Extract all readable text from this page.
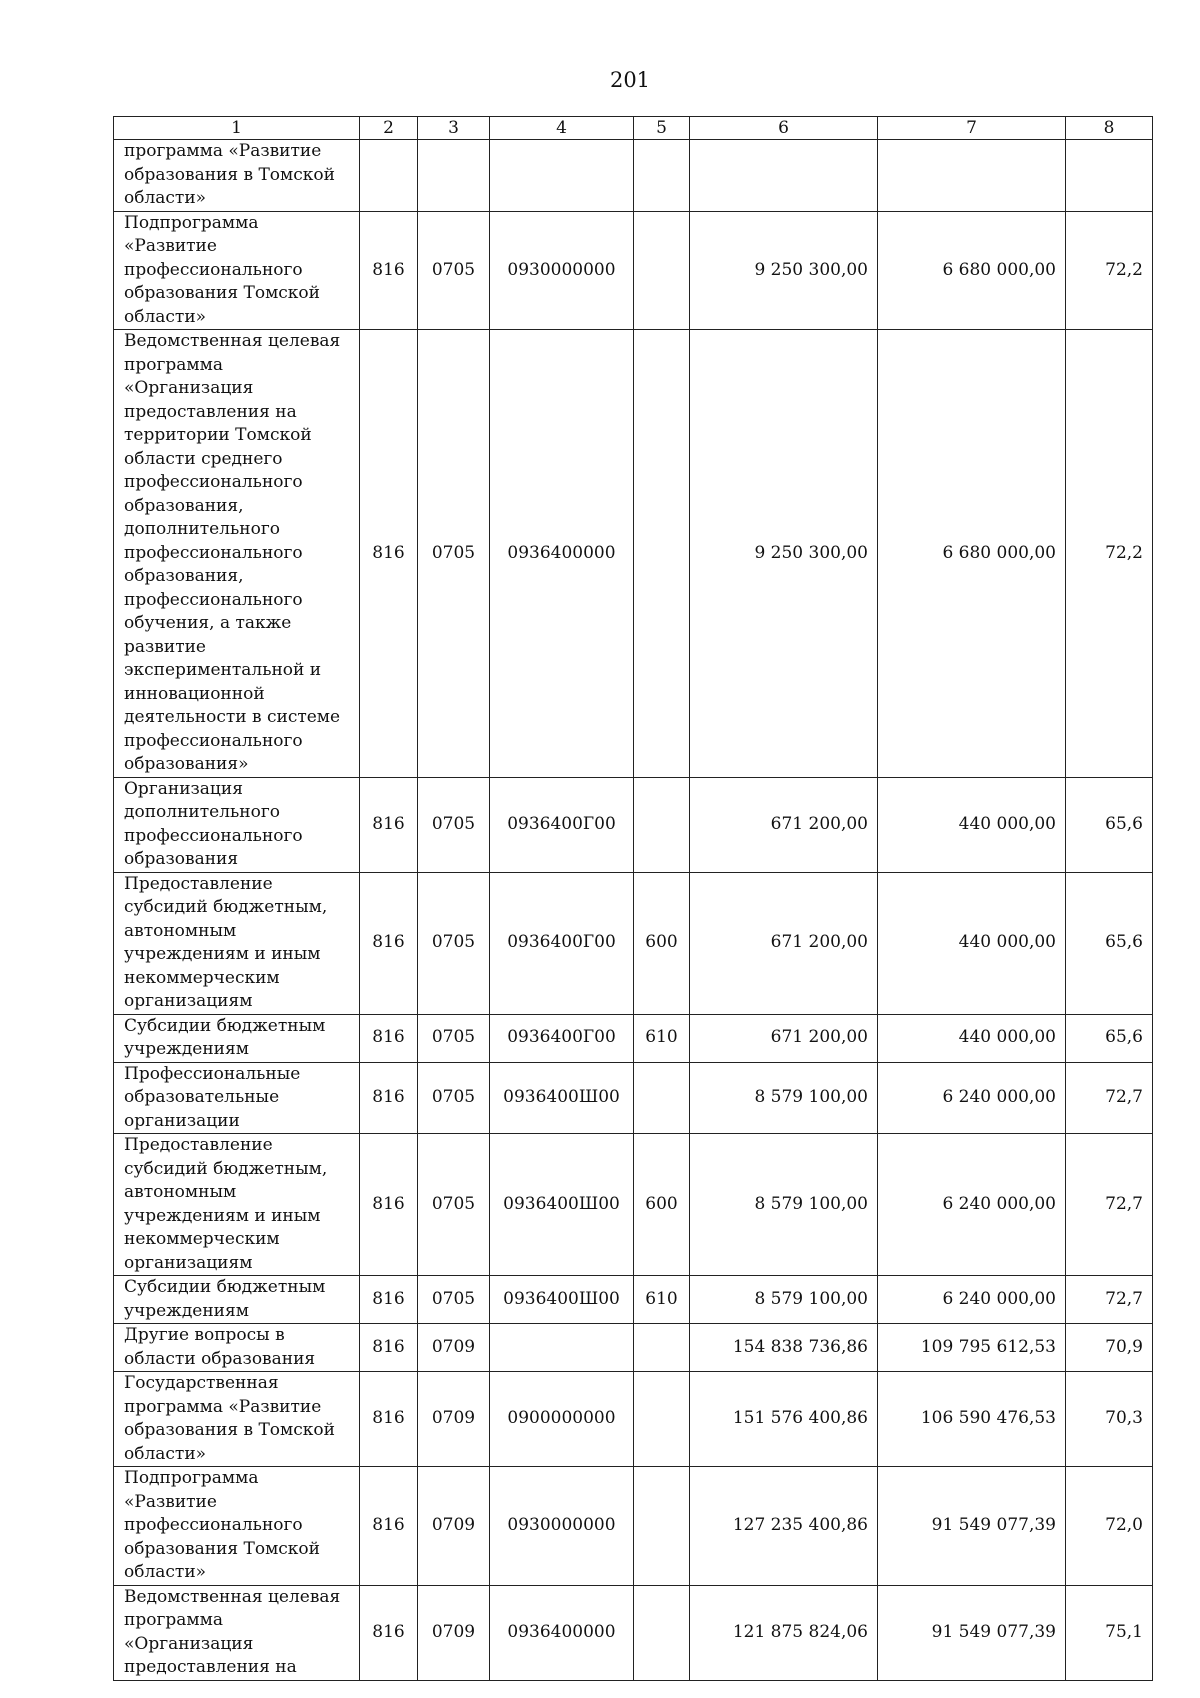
201
1	2	3	4	5	6	7	8
программа «Развитие образования в Томской области»							
Подпрограмма «Развитие профессионального образования Томской области»	816	0705	0930000000		9 250 300,00	6 680 000,00	72,2
Ведомственная целевая программа «Организация предоставления на территории Томской области среднего профессионального образования, дополнительного профессионального образования, профессионального обучения, а также развитие экспериментальной и инновационной деятельности в системе профессионального образования»	816	0705	0936400000		9 250 300,00	6 680 000,00	72,2
Организация дополнительного профессионального образования	816	0705	0936400Г00		671 200,00	440 000,00	65,6
Предоставление субсидий бюджетным, автономным учреждениям и иным некоммерческим организациям	816	0705	0936400Г00	600	671 200,00	440 000,00	65,6
Субсидии бюджетным учреждениям	816	0705	0936400Г00	610	671 200,00	440 000,00	65,6
Профессиональные образовательные организации	816	0705	0936400Ш00		8 579 100,00	6 240 000,00	72,7
Предоставление субсидий бюджетным, автономным учреждениям и иным некоммерческим организациям	816	0705	0936400Ш00	600	8 579 100,00	6 240 000,00	72,7
Субсидии бюджетным учреждениям	816	0705	0936400Ш00	610	8 579 100,00	6 240 000,00	72,7
Другие вопросы в области образования	816	0709			154 838 736,86	109 795 612,53	70,9
Государственная программа «Развитие образования в Томской области»	816	0709	0900000000		151 576 400,86	106 590 476,53	70,3
Подпрограмма «Развитие профессионального образования Томской области»	816	0709	0930000000		127 235 400,86	91 549 077,39	72,0
Ведомственная целевая программа «Организация предоставления на	816	0709	0936400000		121 875 824,06	91 549 077,39	75,1
